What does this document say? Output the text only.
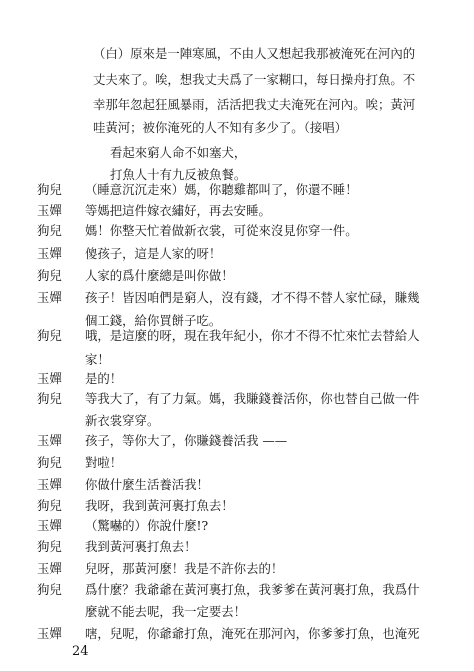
（白）原來是一陣寒風，不由人又想起我那被淹死在河內的
丈夫來了。唉，想我丈夫爲了一家糊口，每日操舟打魚。不
幸那年忽起狂風暴雨，活活把我丈夫淹死在河內。唉；黃河
哇黃河；被你淹死的人不知有多少了。（接唱）
看起來窮人命不如塞犬，
打魚人十有九反被魚餐。
狗兒 （睡意沉沉走來）媽，你聽雞都叫了，你還不睡！
玉嬋 等媽把這件嫁衣繡好，再去安睡。
狗兒 媽！你整天忙着做新衣裳，可從來沒見你穿一件。
玉嬋 傻孩子，這是人家的呀！
狗兒 人家的爲什麼總是叫你做！
玉嬋 孩子！皆因咱們是窮人，沒有錢，才不得不替人家忙碌，賺幾
個工錢，給你買餅子吃。
狗兒 哦，是這麼的呀，現在我年紀小，你才不得不忙來忙去替給人
家！
玉嬋 是的！
狗兒 等我大了，有了力氣。媽，我賺錢養活你，你也替自己做一件
新衣裳穿穿。
玉嬋 孩子，等你大了，你賺錢養活我 ——
狗兒 對啦！
玉嬋 你做什麼生活養活我！
狗兒 我呀，我到黃河裏打魚去！
玉嬋 （驚嚇的）你說什麼!?
狗兒 我到黃河裏打魚去！
玉嬋 兒呀，那黃河麼！我是不許你去的！
狗兒 爲什麼？我爺爺在黃河裏打魚，我爹爹在黃河裏打魚，我爲什
麼就不能去呢，我一定要去！
玉嬋 嗐，兒呢，你爺爺打魚，淹死在那河內，你爹爹打魚，也淹死
24
